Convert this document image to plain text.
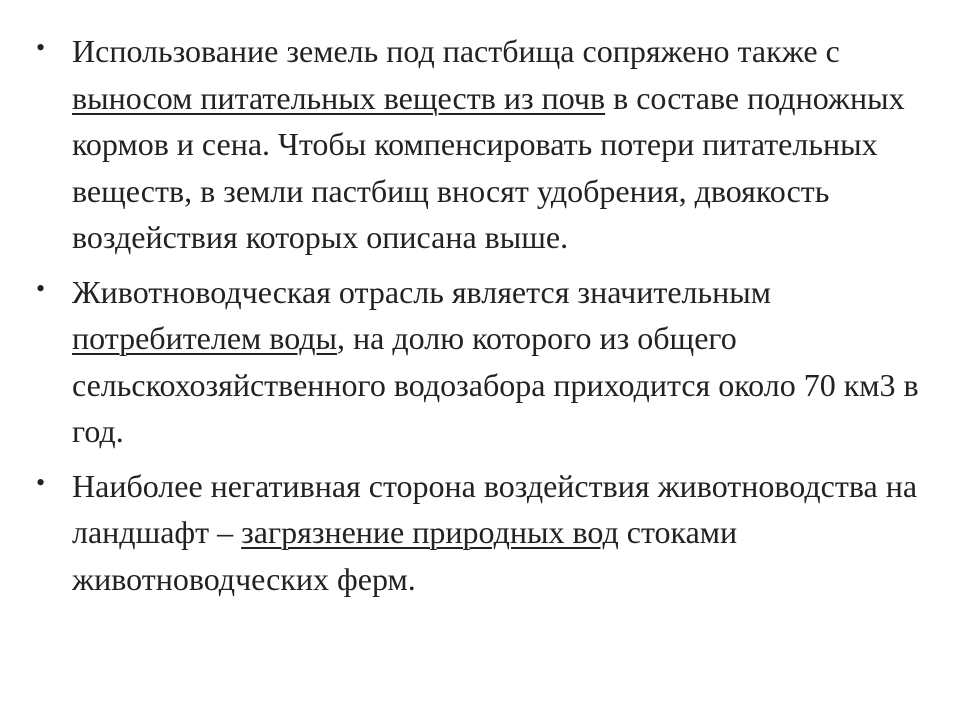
• Использование земель под пастбища сопряжено также с выносом питательных веществ из почв в составе подножных кормов и сена. Чтобы компенсировать потери питательных веществ, в земли пастбищ вносят удобрения, двоякость воздействия которых описана выше.
• Животноводческая отрасль является значительным потребителем воды, на долю которого из общего сельскохозяйственного водозабора приходится около 70 км3 в год.
• Наиболее негативная сторона воздействия животноводства на ландшафт – загрязнение природных вод стоками животноводческих ферм.
